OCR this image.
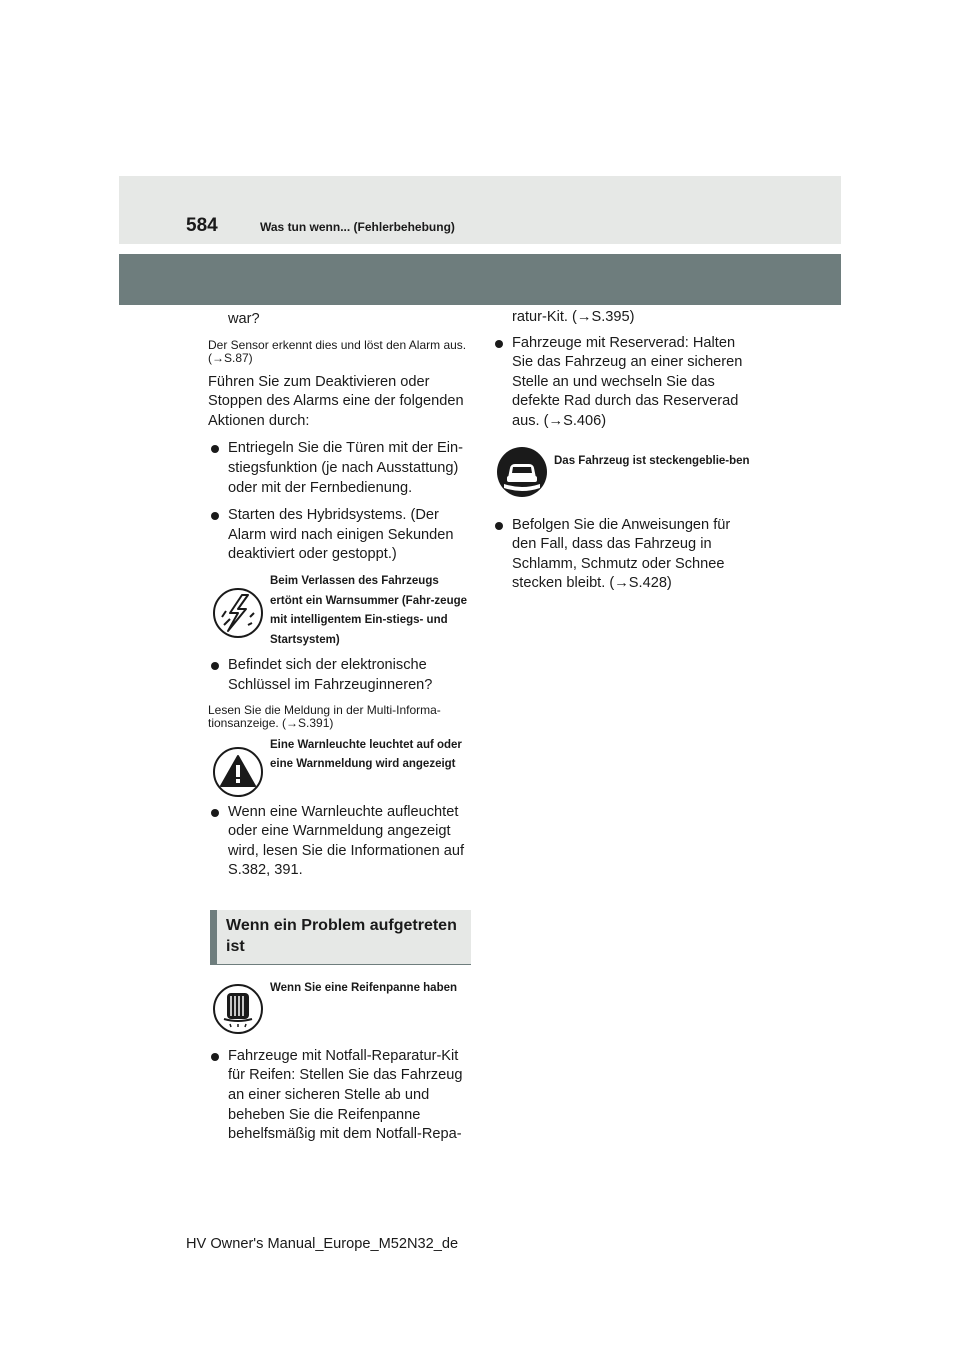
584	Was tun wenn... (Fehlerbehebung)

war?

Der Sensor erkennt dies und löst den Alarm aus. (→S.87)

Führen Sie zum Deaktivieren oder Stoppen des Alarms eine der folgenden Aktionen durch:

Entriegeln Sie die Türen mit der Ein-stiegsfunktion (je nach Ausstattung) oder mit der Fernbedienung.
Starten des Hybridsystems. (Der Alarm wird nach einigen Sekunden deaktiviert oder gestoppt.)
Beim Verlassen des Fahrzeugs ertönt ein Warnsummer (Fahr-zeuge mit intelligentem Ein-stiegs- und Startsystem)
Befindet sich der elektronische Schlüssel im Fahrzeuginneren?

Lesen Sie die Meldung in der Multi-Informa-tionsanzeige. (→S.391)

Eine Warnleuchte leuchtet auf oder eine Warnmeldung wird angezeigt
Wenn eine Warnleuchte aufleuchtet oder eine Warnmeldung angezeigt wird, lesen Sie die Informationen auf S.382, 391.
Wenn ein Problem aufgetreten ist
Wenn Sie eine Reifenpanne haben
Fahrzeuge mit Notfall-Reparatur-Kit für Reifen: Stellen Sie das Fahrzeug an einer sicheren Stelle ab und beheben Sie die Reifenpanne behelfsmäßig mit dem Notfall-Repa-

ratur-Kit. (→S.395)

Fahrzeuge mit Reserverad: Halten Sie das Fahrzeug an einer sicheren Stelle an und wechseln Sie das defekte Rad durch das Reserverad aus. (→S.406)
Das Fahrzeug ist steckengeblie-ben
Befolgen Sie die Anweisungen für den Fall, dass das Fahrzeug in Schlamm, Schmutz oder Schnee stecken bleibt. (→S.428)
HV Owner's Manual_Europe_M52N32_de
